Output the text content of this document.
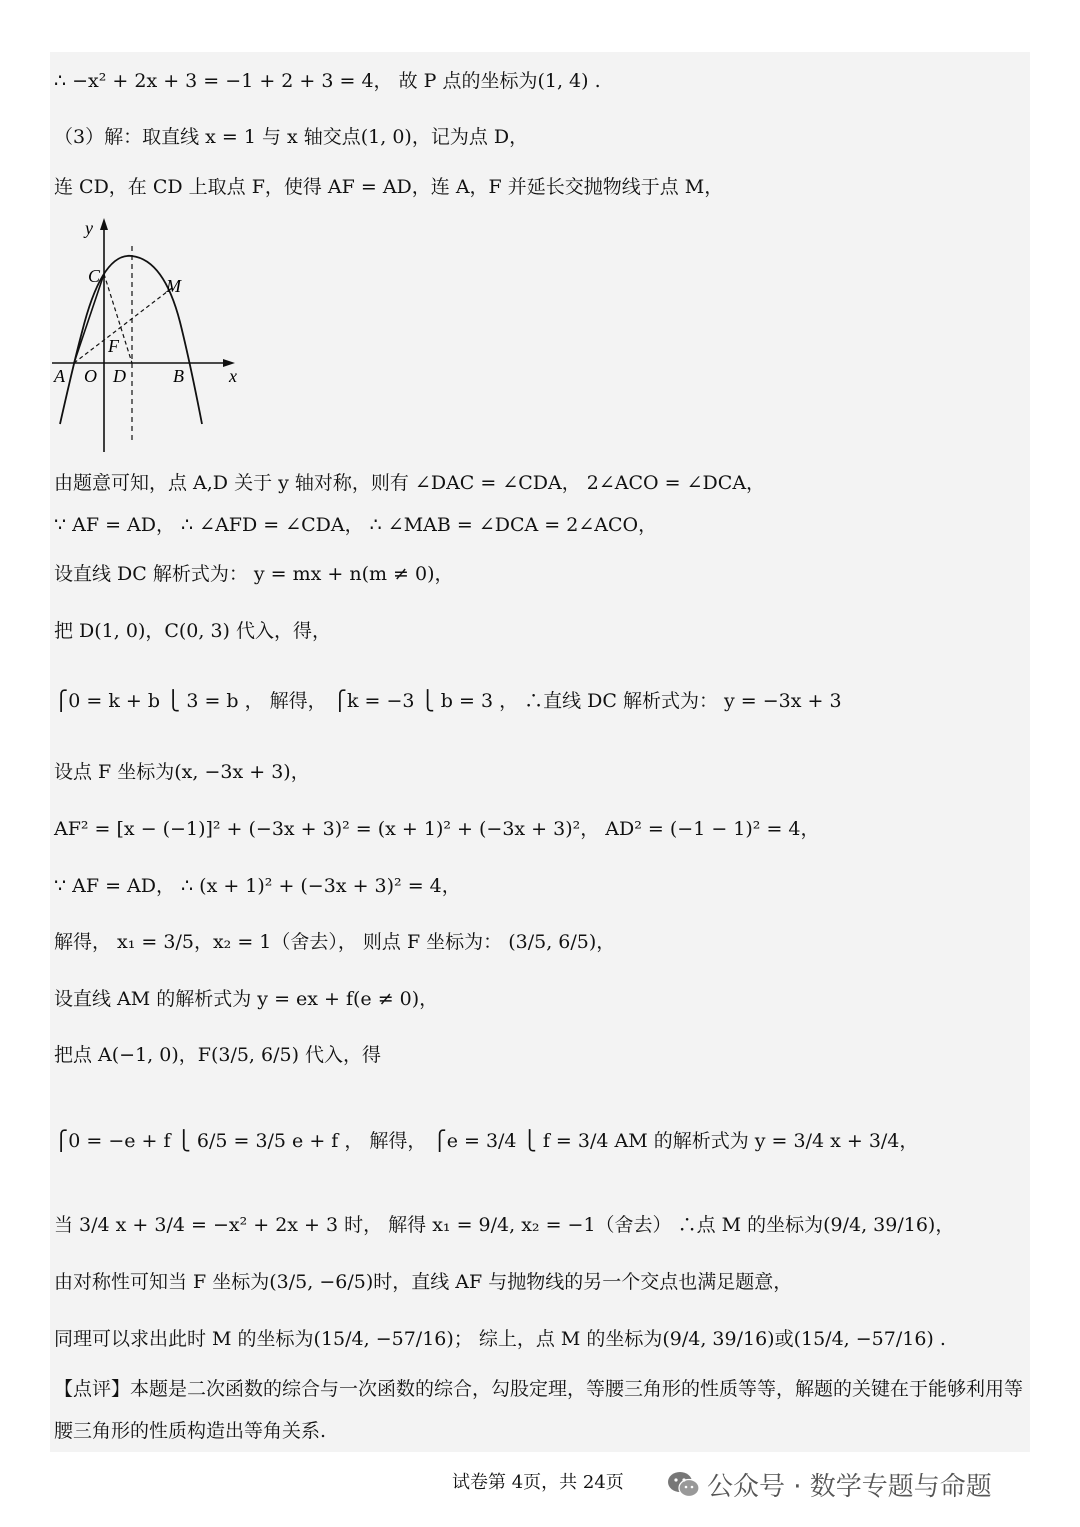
∴ −x² + 2x + 3 = −1 + 2 + 3 = 4， 故 P 点的坐标为(1, 4) .
（3）解：取直线 x = 1 与 x 轴交点(1, 0)，记为点 D，
连 CD，在 CD 上取点 F，使得 AF = AD，连 A，F 并延长交抛物线于点 M，
y
x
C	M
F
A O D	B
由题意可知，点 A,D 关于 y 轴对称，则有 ∠DAC = ∠CDA， 2∠ACO = ∠DCA，
∵ AF = AD， ∴ ∠AFD = ∠CDA， ∴ ∠MAB = ∠DCA = 2∠ACO，
设直线 DC 解析式为： y = mx + n(m ≠ 0)，
把 D(1, 0)，C(0, 3) 代入，得，
⎧0 = k + b ⎩ 3 = b ， 解得， ⎧k = −3 ⎩ b = 3 ， ∴直线 DC 解析式为： y = −3x + 3
设点 F 坐标为(x, −3x + 3)，
AF² = [x − (−1)]² + (−3x + 3)² = (x + 1)² + (−3x + 3)²， AD² = (−1 − 1)² = 4，
∵ AF = AD， ∴ (x + 1)² + (−3x + 3)² = 4，
解得， x₁ = 3/5，x₂ = 1（舍去）， 则点 F 坐标为： (3/5, 6/5)，
设直线 AM 的解析式为 y = ex + f(e ≠ 0)，
把点 A(−1, 0)，F(3/5, 6/5) 代入，得
⎧0 = −e + f ⎩ 6/5 = 3/5 e + f ， 解得， ⎧e = 3/4 ⎩ f = 3/4 AM 的解析式为 y = 3/4 x + 3/4，
当 3/4 x + 3/4 = −x² + 2x + 3 时， 解得 x₁ = 9/4, x₂ = −1（舍去） ∴点 M 的坐标为(9/4, 39/16)，
由对称性可知当 F 坐标为(3/5, −6/5)时，直线 AF 与抛物线的另一个交点也满足题意，
同理可以求出此时 M 的坐标为(15/4, −57/16)； 综上，点 M 的坐标为(9/4, 39/16)或(15/4, −57/16) .
【点评】本题是二次函数的综合与一次函数的综合，勾股定理，等腰三角形的性质等等，解题的关键在于能够利用等
腰三角形的性质构造出等角关系.
试卷第 4页，共 24页	公众号 · 数学专题与命题
